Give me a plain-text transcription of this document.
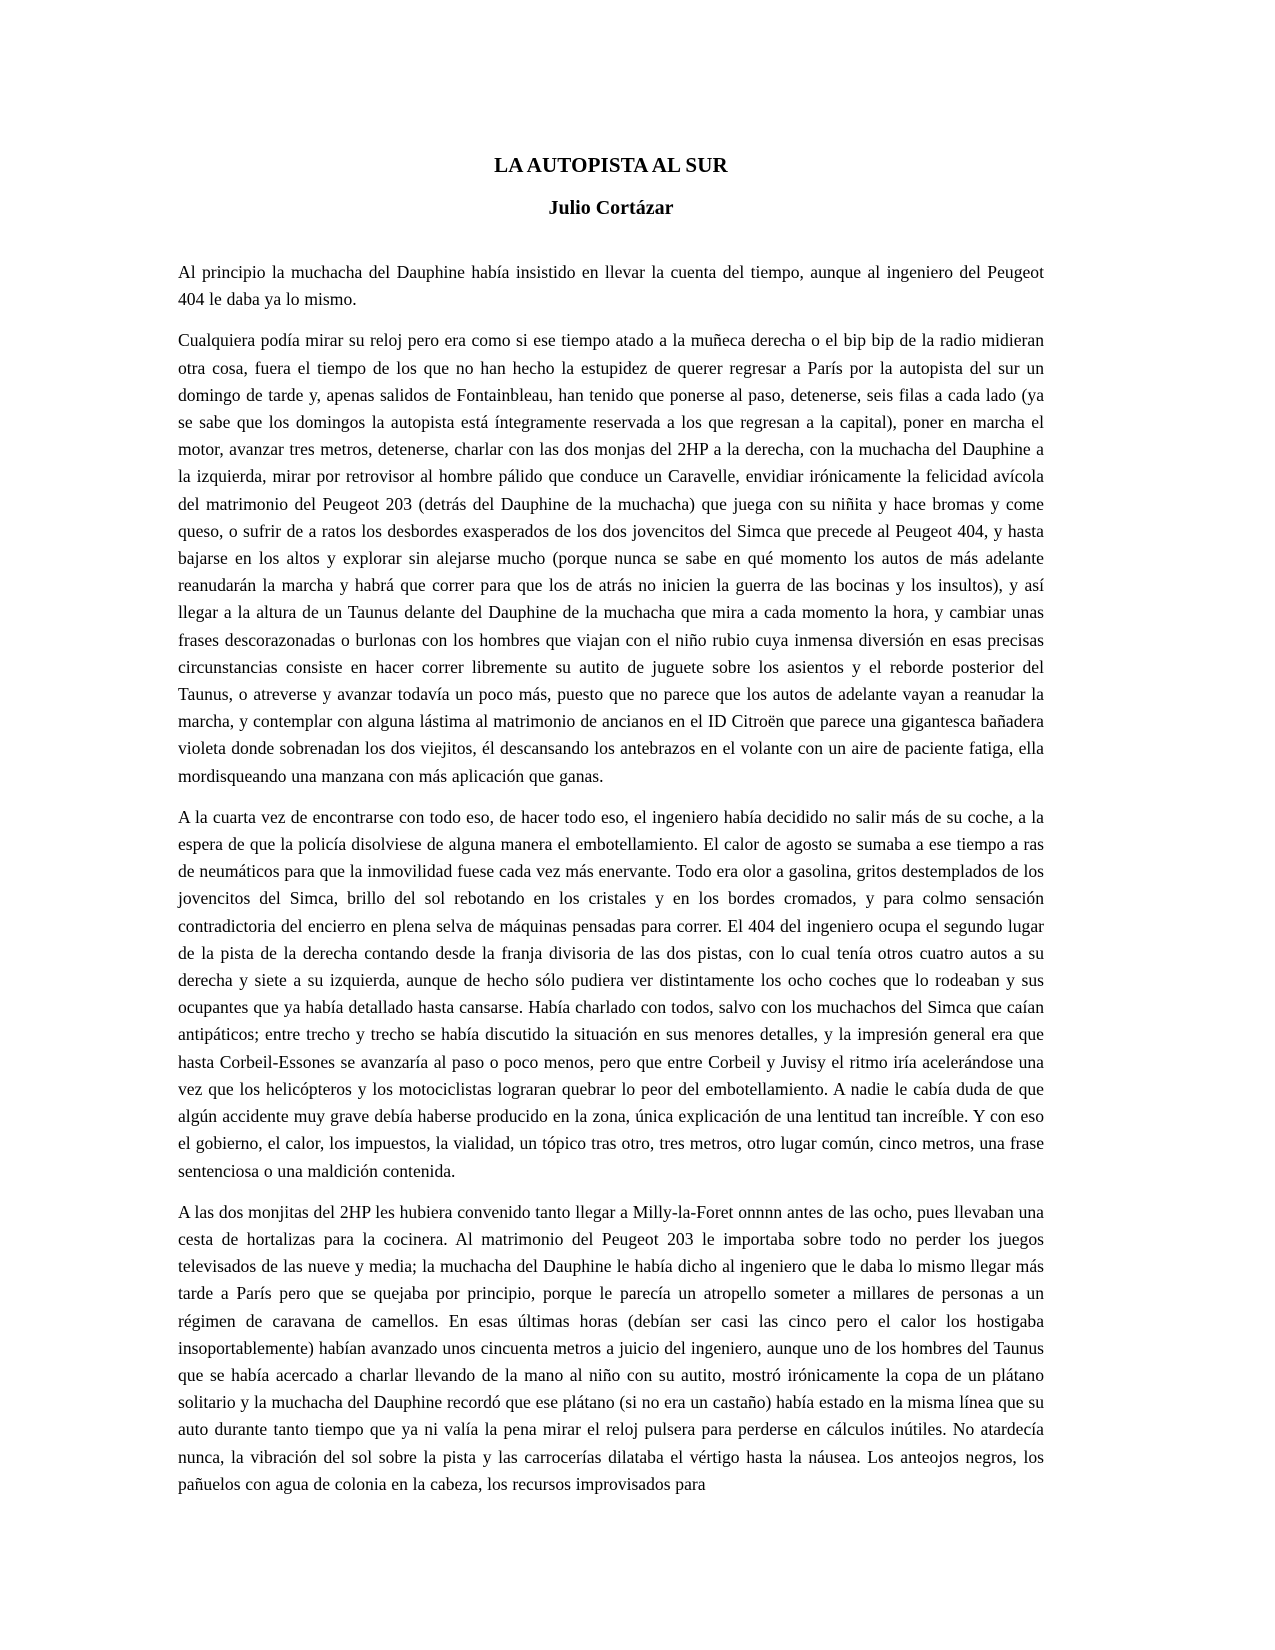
LA AUTOPISTA AL SUR
Julio Cortázar

Al principio la muchacha del Dauphine había insistido en llevar la cuenta del tiempo, aunque al ingeniero del Peugeot 404 le daba ya lo mismo.

Cualquiera podía mirar su reloj pero era como si ese tiempo atado a la muñeca derecha o el bip bip de la radio midieran otra cosa, fuera el tiempo de los que no han hecho la estupidez de querer regresar a París por la autopista del sur un domingo de tarde y, apenas salidos de Fontainbleau, han tenido que ponerse al paso, detenerse, seis filas a cada lado (ya se sabe que los domingos la autopista está íntegramente reservada a los que regresan a la capital), poner en marcha el motor, avanzar tres metros, detenerse, charlar con las dos monjas del 2HP a la derecha, con la muchacha del Dauphine a la izquierda, mirar por retrovisor al hombre pálido que conduce un Caravelle, envidiar irónicamente la felicidad avícola del matrimonio del Peugeot 203 (detrás del Dauphine de la muchacha) que juega con su niñita y hace bromas y come queso, o sufrir de a ratos los desbordes exasperados de los dos jovencitos del Simca que precede al Peugeot 404, y hasta bajarse en los altos y explorar sin alejarse mucho (porque nunca se sabe en qué momento los autos de más adelante reanudarán la marcha y habrá que correr para que los de atrás no inicien la guerra de las bocinas y los insultos), y así llegar a la altura de un Taunus delante del Dauphine de la muchacha que mira a cada momento la hora, y cambiar unas frases descorazonadas o burlonas con los hombres que viajan con el niño rubio cuya inmensa diversión en esas precisas circunstancias consiste en hacer correr libremente su autito de juguete sobre los asientos y el reborde posterior del Taunus, o atreverse y avanzar todavía un poco más, puesto que no parece que los autos de adelante vayan a reanudar la marcha, y contemplar con alguna lástima al matrimonio de ancianos en el ID Citroën que parece una gigantesca bañadera violeta donde sobrenadan los dos viejitos, él descansando los antebrazos en el volante con un aire de paciente fatiga, ella mordisqueando una manzana con más aplicación que ganas.

A la cuarta vez de encontrarse con todo eso, de hacer todo eso, el ingeniero había decidido no salir más de su coche, a la espera de que la policía disolviese de alguna manera el embotellamiento. El calor de agosto se sumaba a ese tiempo a ras de neumáticos para que la inmovilidad fuese cada vez más enervante. Todo era olor a gasolina, gritos destemplados de los jovencitos del Simca, brillo del sol rebotando en los cristales y en los bordes cromados, y para colmo sensación contradictoria del encierro en plena selva de máquinas pensadas para correr. El 404 del ingeniero ocupa el segundo lugar de la pista de la derecha contando desde la franja divisoria de las dos pistas, con lo cual tenía otros cuatro autos a su derecha y siete a su izquierda, aunque de hecho sólo pudiera ver distintamente los ocho coches que lo rodeaban y sus ocupantes que ya había detallado hasta cansarse. Había charlado con todos, salvo con los muchachos del Simca que caían antipáticos; entre trecho y trecho se había discutido la situación en sus menores detalles, y la impresión general era que hasta Corbeil-Essones se avanzaría al paso o poco menos, pero que entre Corbeil y Juvisy el ritmo iría acelerándose una vez que los helicópteros y los motociclistas lograran quebrar lo peor del embotellamiento. A nadie le cabía duda de que algún accidente muy grave debía haberse producido en la zona, única explicación de una lentitud tan increíble. Y con eso el gobierno, el calor, los impuestos, la vialidad, un tópico tras otro, tres metros, otro lugar común, cinco metros, una frase sentenciosa o una maldición contenida.

A las dos monjitas del 2HP les hubiera convenido tanto llegar a Milly-la-Foret onnnn antes de las ocho, pues llevaban una cesta de hortalizas para la cocinera. Al matrimonio del Peugeot 203 le importaba sobre todo no perder los juegos televisados de las nueve y media; la muchacha del Dauphine le había dicho al ingeniero que le daba lo mismo llegar más tarde a París pero que se quejaba por principio, porque le parecía un atropello someter a millares de personas a un régimen de caravana de camellos. En esas últimas horas (debían ser casi las cinco pero el calor los hostigaba insoportablemente) habían avanzado unos cincuenta metros a juicio del ingeniero, aunque uno de los hombres del Taunus que se había acercado a charlar llevando de la mano al niño con su autito, mostró irónicamente la copa de un plátano solitario y la muchacha del Dauphine recordó que ese plátano (si no era un castaño) había estado en la misma línea que su auto durante tanto tiempo que ya ni valía la pena mirar el reloj pulsera para perderse en cálculos inútiles. No atardecía nunca, la vibración del sol sobre la pista y las carrocerías dilataba el vértigo hasta la náusea. Los anteojos negros, los pañuelos con agua de colonia en la cabeza, los recursos improvisados para
